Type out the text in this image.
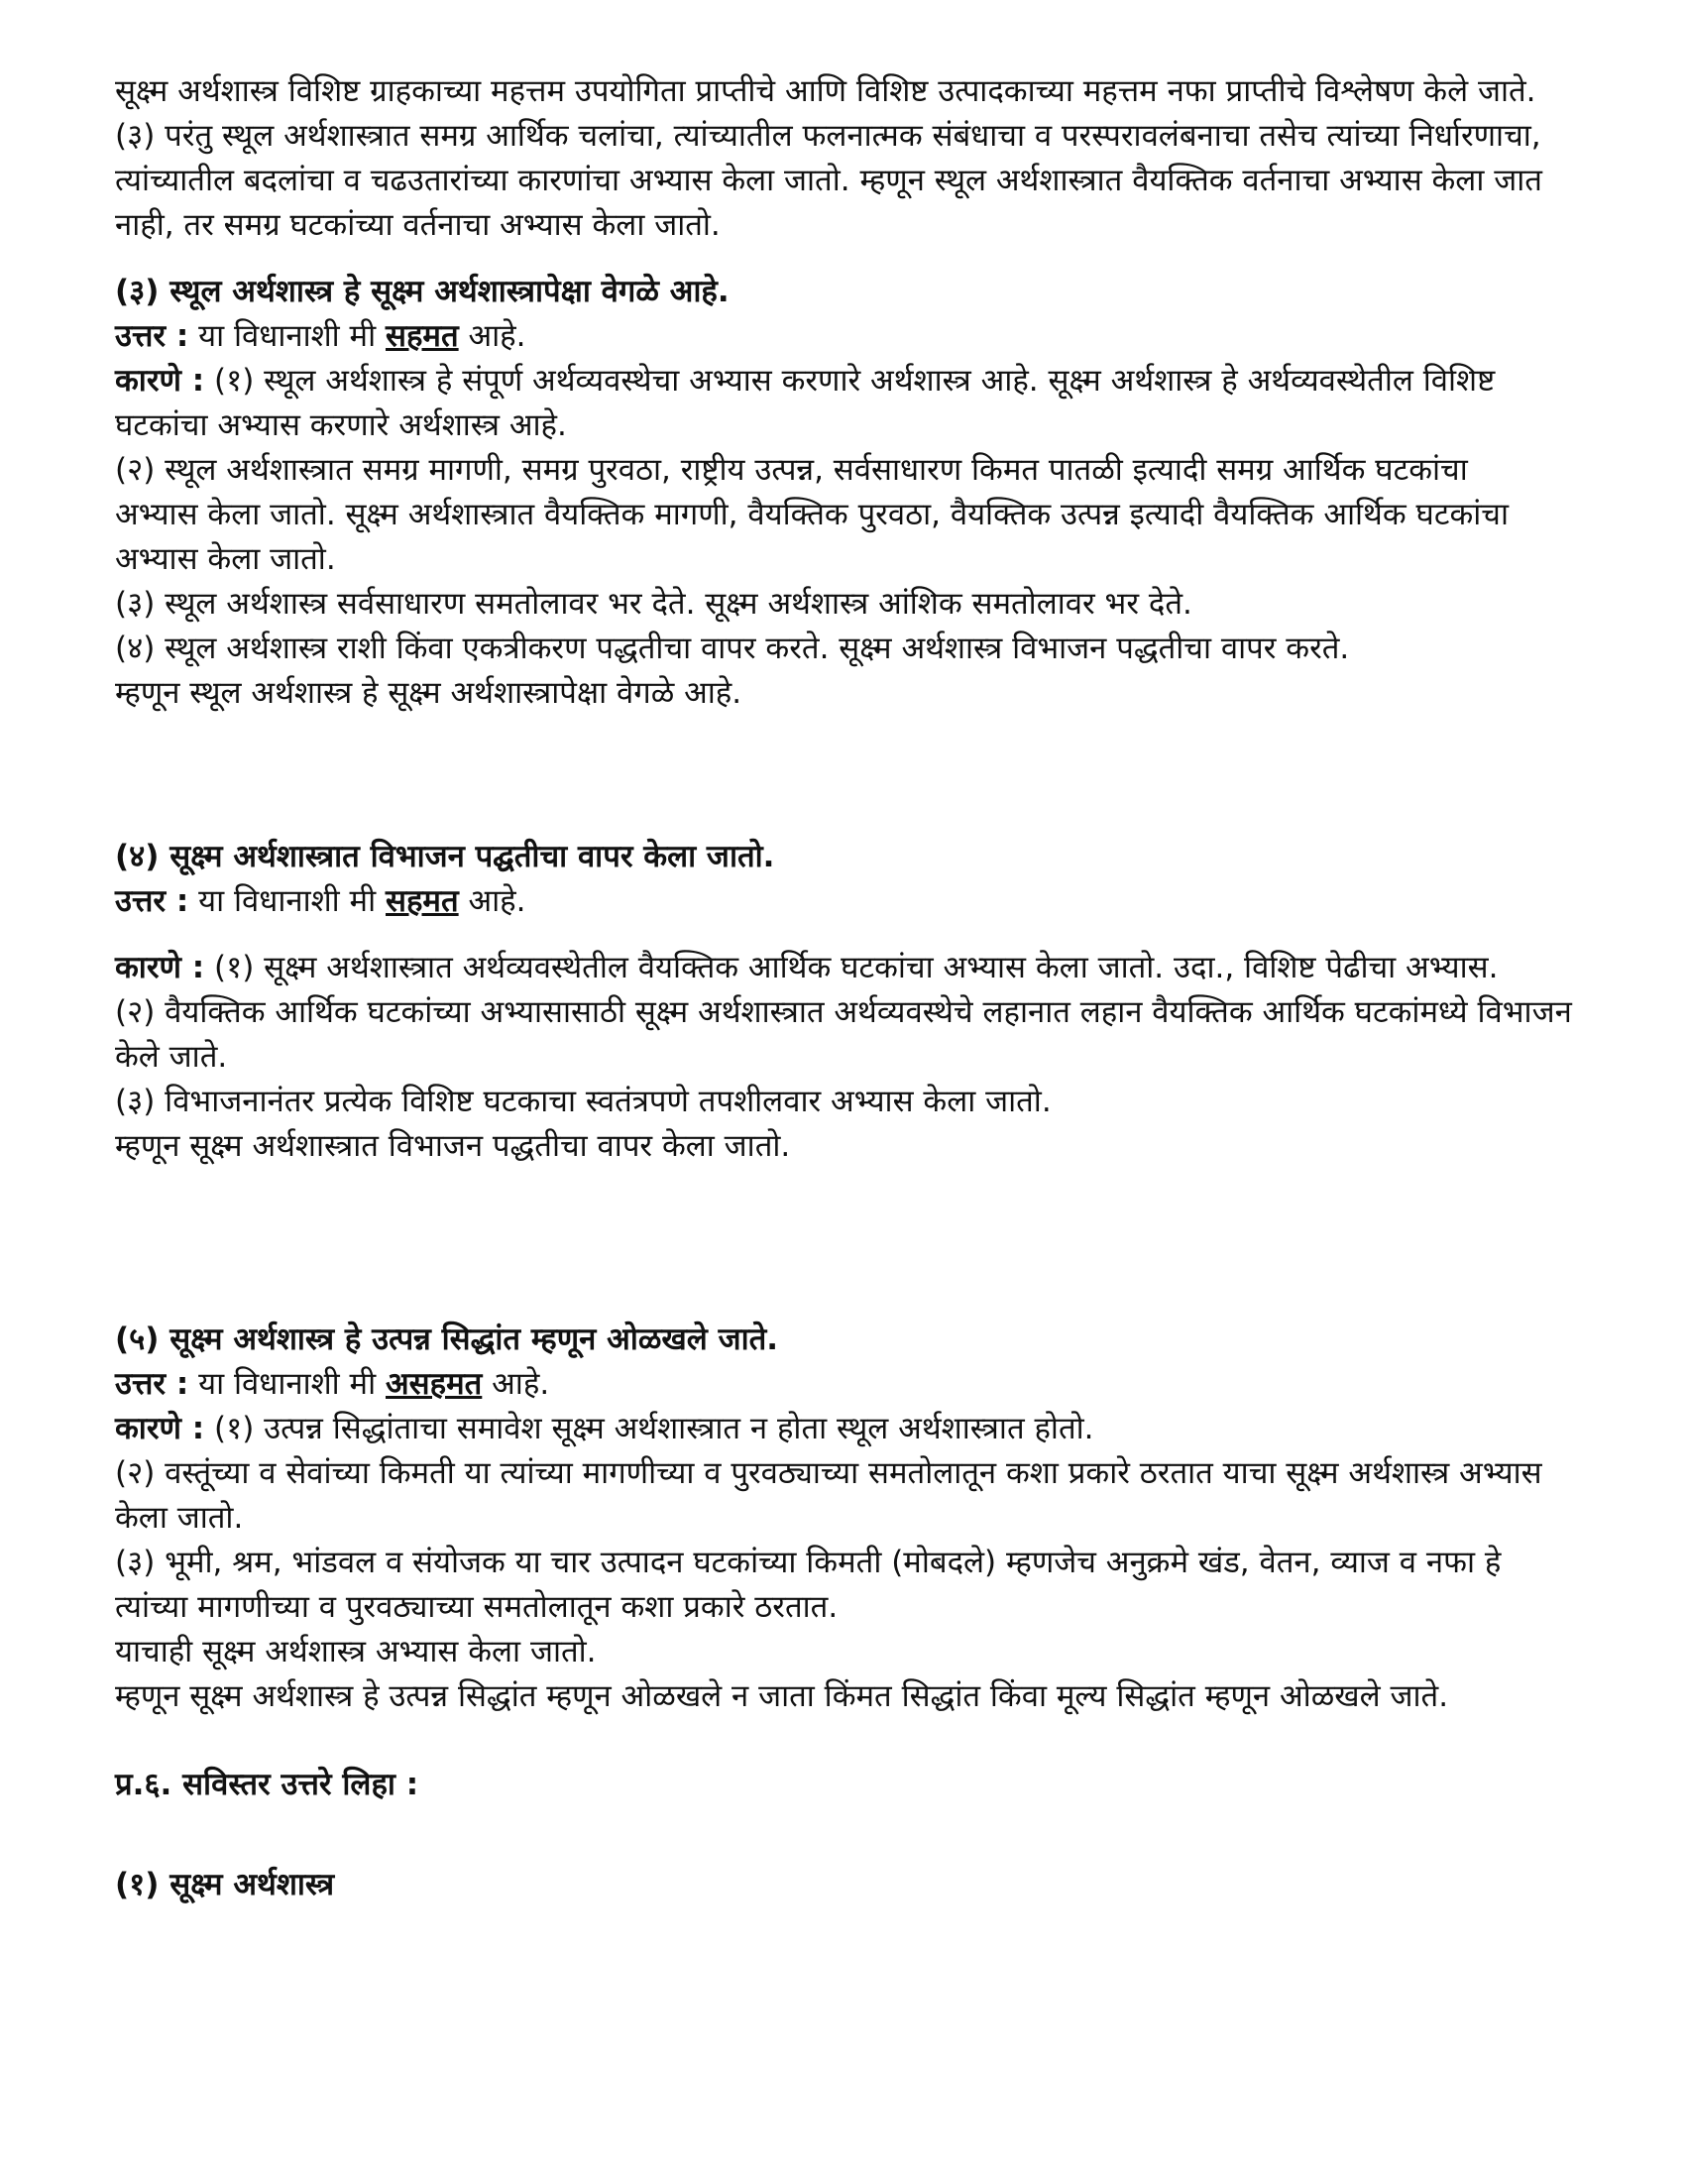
सूक्ष्म अर्थशास्त्र विशिष्ट ग्राहकाच्या महत्तम उपयोगिता प्राप्तीचे आणि विशिष्ट उत्पादकाच्या महत्तम नफा प्राप्तीचे विश्लेषण केले जाते.

(३) परंतु स्थूल अर्थशास्त्रात समग्र आर्थिक चलांचा, त्यांच्यातील फलनात्मक संबंधाचा व परस्परावलंबनाचा तसेच त्यांच्या निर्धारणाचा, त्यांच्यातील बदलांचा व चढउतारांच्या कारणांचा अभ्यास केला जातो. म्हणून स्थूल अर्थशास्त्रात वैयक्तिक वर्तनाचा अभ्यास केला जात नाही, तर समग्र घटकांच्या वर्तनाचा अभ्यास केला जातो.

(३) स्थूल अर्थशास्त्र हे सूक्ष्म अर्थशास्त्रापेक्षा वेगळे आहे.

उत्तर : या विधानाशी मी सहमत आहे.

कारणे : (१) स्थूल अर्थशास्त्र हे संपूर्ण अर्थव्यवस्थेचा अभ्यास करणारे अर्थशास्त्र आहे. सूक्ष्म अर्थशास्त्र हे अर्थव्यवस्थेतील विशिष्ट घटकांचा अभ्यास करणारे अर्थशास्त्र आहे.

(२) स्थूल अर्थशास्त्रात समग्र मागणी, समग्र पुरवठा, राष्ट्रीय उत्पन्न, सर्वसाधारण किमत पातळी इत्यादी समग्र आर्थिक घटकांचा

अभ्यास केला जातो. सूक्ष्म अर्थशास्त्रात वैयक्तिक मागणी, वैयक्तिक पुरवठा, वैयक्तिक उत्पन्न इत्यादी वैयक्तिक आर्थिक घटकांचा अभ्यास केला जातो.

(३) स्थूल अर्थशास्त्र सर्वसाधारण समतोलावर भर देते. सूक्ष्म अर्थशास्त्र आंशिक समतोलावर भर देते.

(४) स्थूल अर्थशास्त्र राशी किंवा एकत्रीकरण पद्धतीचा वापर करते. सूक्ष्म अर्थशास्त्र विभाजन पद्धतीचा वापर करते.

म्हणून स्थूल अर्थशास्त्र हे सूक्ष्म अर्थशास्त्रापेक्षा वेगळे आहे.

(४) सूक्ष्म अर्थशास्त्रात विभाजन पद्घतीचा वापर केला जातो.

उत्तर : या विधानाशी मी सहमत आहे.

कारणे : (१) सूक्ष्म अर्थशास्त्रात अर्थव्यवस्थेतील वैयक्तिक आर्थिक घटकांचा अभ्यास केला जातो. उदा., विशिष्ट पेढीचा अभ्यास.

(२) वैयक्तिक आर्थिक घटकांच्या अभ्यासासाठी सूक्ष्म अर्थशास्त्रात अर्थव्यवस्थेचे लहानात लहान वैयक्तिक आर्थिक घटकांमध्ये विभाजन केले जाते.

(३) विभाजनानंतर प्रत्येक विशिष्ट घटकाचा स्वतंत्रपणे तपशीलवार अभ्यास केला जातो.

म्हणून सूक्ष्म अर्थशास्त्रात विभाजन पद्धतीचा वापर केला जातो.

(५) सूक्ष्म अर्थशास्त्र हे उत्पन्न सिद्धांत म्हणून ओळखले जाते.

उत्तर : या विधानाशी मी असहमत आहे.

कारणे : (१) उत्पन्न सिद्धांताचा समावेश सूक्ष्म अर्थशास्त्रात न होता स्थूल अर्थशास्त्रात होतो.

(२) वस्तूंच्या व सेवांच्या किमती या त्यांच्या मागणीच्या व पुरवठ्याच्या समतोलातून कशा प्रकारे ठरतात याचा सूक्ष्म अर्थशास्त्र अभ्यास केला जातो.

(३) भूमी, श्रम, भांडवल व संयोजक या चार उत्पादन घटकांच्या किमती (मोबदले) म्हणजेच अनुक्रमे खंड, वेतन, व्याज व नफा हे त्यांच्या मागणीच्या व पुरवठ्याच्या समतोलातून कशा प्रकारे ठरतात.

याचाही सूक्ष्म अर्थशास्त्र अभ्यास केला जातो.

म्हणून सूक्ष्म अर्थशास्त्र हे उत्पन्न सिद्धांत म्हणून ओळखले न जाता किंमत सिद्धांत किंवा मूल्य सिद्धांत म्हणून ओळखले जाते.

प्र.६. सविस्तर उत्तरे लिहा :

(१) सूक्ष्म अर्थशास्त्र
